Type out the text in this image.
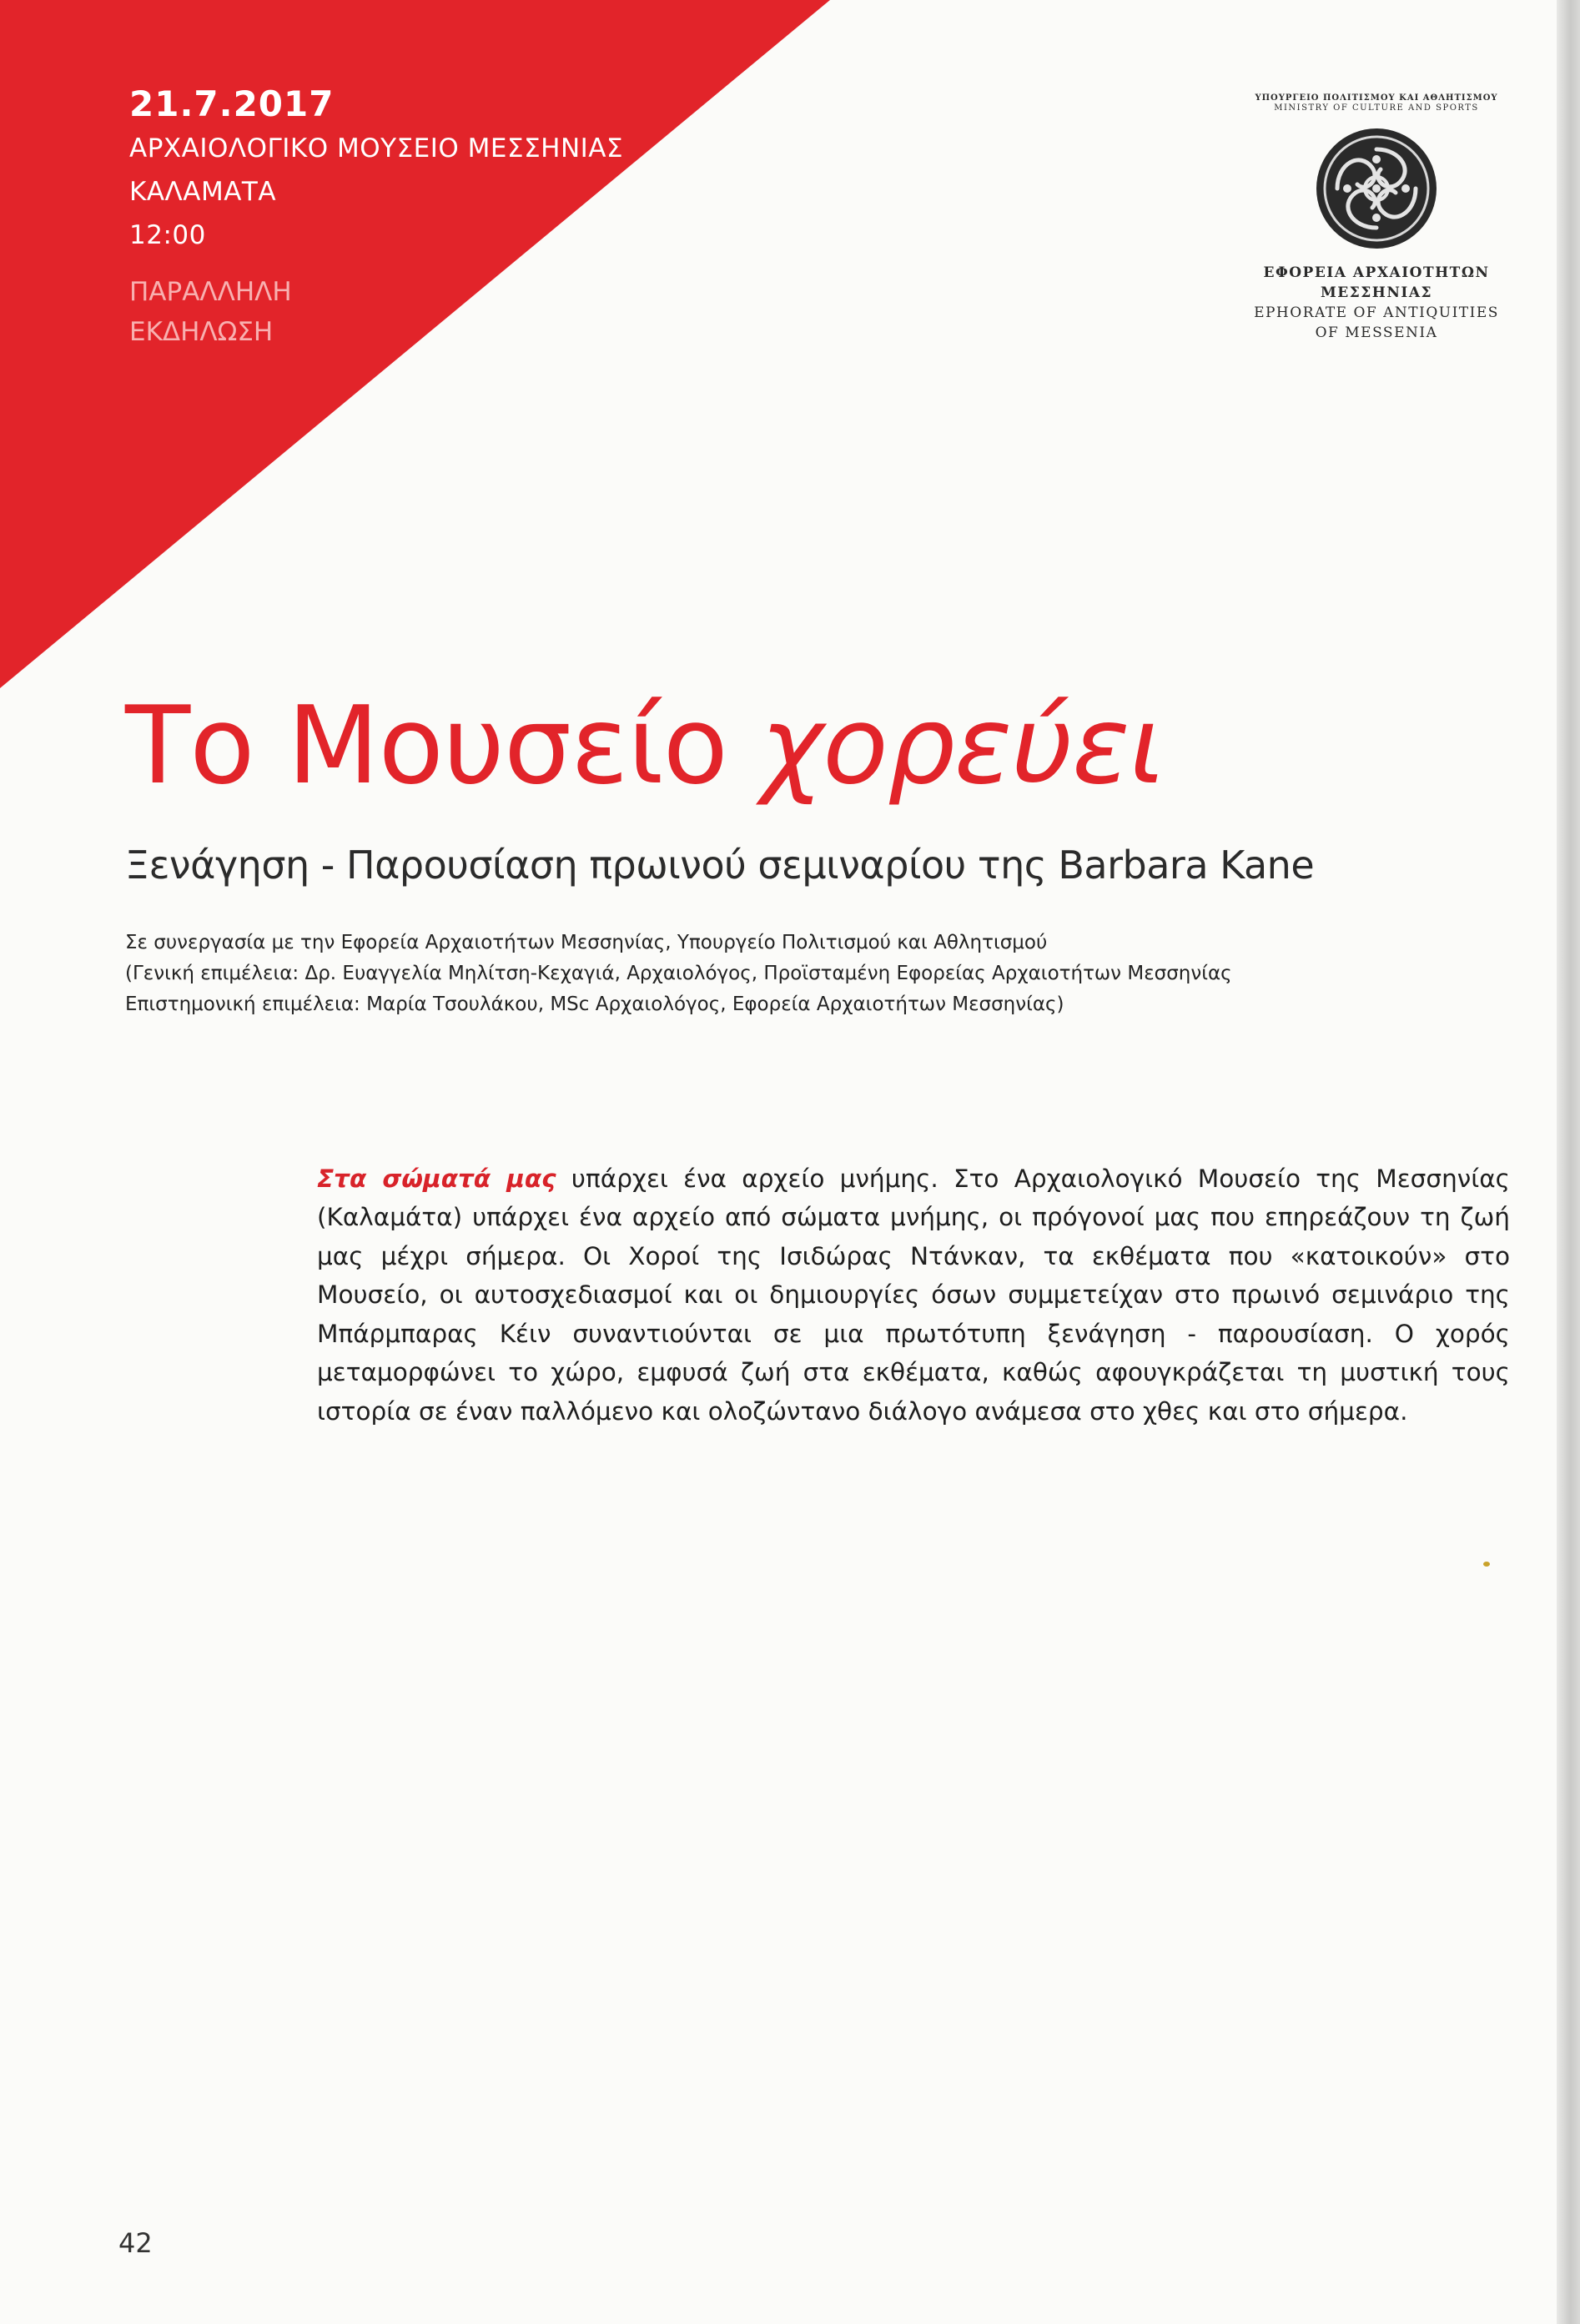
21.7.2017
ΑΡΧΑΙΟΛΟΓΙΚΟ ΜΟΥΣΕΙΟ ΜΕΣΣΗΝΙΑΣ
ΚΑΛΑΜΑΤΑ
12:00
ΠΑΡΑΛΛΗΛΗ
ΕΚΔΗΛΩΣΗ
ΥΠΟΥΡΓΕΙΟ ΠΟΛΙΤΙΣΜΟΥ ΚΑΙ ΑΘΛΗΤΙΣΜΟΥ
MINISTRY OF CULTURE AND SPORTS
ΕΦΟΡΕΙΑ ΑΡΧΑΙΟΤΗΤΩΝ
ΜΕΣΣΗΝΙΑΣ
EPHORATE OF ANTIQUITIES
OF MESSENIA
Το Μουσείο χορεύει
Ξενάγηση - Παρουσίαση πρωινού σεμιναρίου της Barbara Kane
Σε συνεργασία με την Εφορεία Αρχαιοτήτων Μεσσηνίας, Υπουργείο Πολιτισμού και Αθλητισμού
(Γενική επιμέλεια: Δρ. Ευαγγελία Μηλίτση-Κεχαγιά, Αρχαιολόγος, Προϊσταμένη Εφορείας Αρχαιοτήτων Μεσσηνίας
Επιστημονική επιμέλεια: Μαρία Τσουλάκου, MSc Αρχαιολόγος, Εφορεία Αρχαιοτήτων Μεσσηνίας)

Στα σώματά μας υπάρχει ένα αρχείο μνήμης. Στο Αρχαιολογικό Μουσείο της Μεσσηνίας (Καλαμάτα) υπάρχει ένα αρχείο από σώματα μνήμης, οι πρόγονοί μας που επηρεάζουν τη ζωή μας μέχρι σήμερα. Οι Χοροί της Ισιδώρας Ντάνκαν, τα εκθέματα που «κατοικούν» στο Μουσείο, οι αυτοσχεδιασμοί και οι δημιουργίες όσων συμμετείχαν στο πρωινό σεμινάριο της Μπάρμπαρας Κέιν συναντιούνται σε μια πρωτότυπη ξενάγηση - παρουσίαση. Ο χορός μεταμορφώνει το χώρο, εμφυσά ζωή στα εκθέματα, καθώς αφουγκράζεται τη μυστική τους ιστορία σε έναν παλλόμενο και ολοζώντανο διάλογο ανάμεσα στο χθες και στο σήμερα.

42
